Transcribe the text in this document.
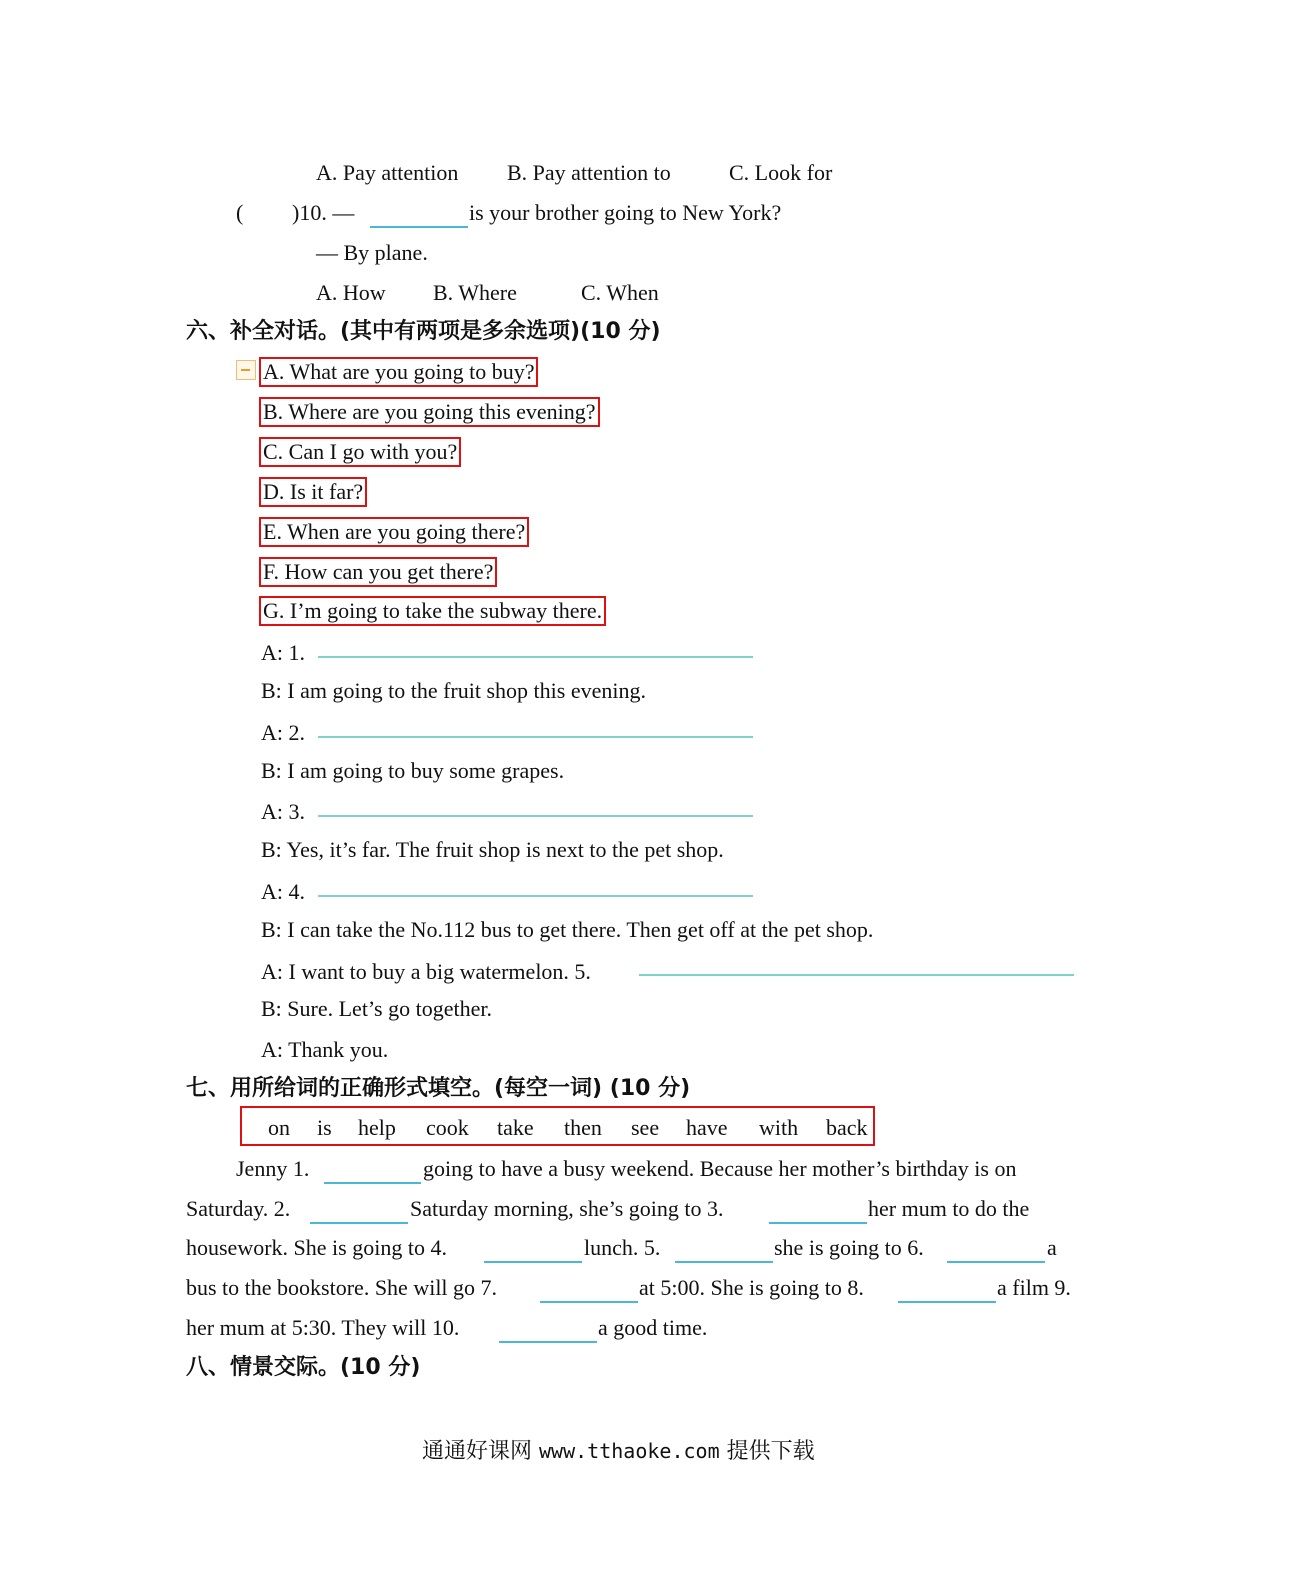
A. Pay attention B. Pay attention to	C. Look for
( )10. —	is your brother going to New York?
— By plane.
A. How B. Where	C. When
六、补全对话。(其中有两项是多余选项)(10 分)
A. What are you going to buy?
B. Where are you going this evening?
C. Can I go with you?
D. Is it far?
E. When are you going there?
F. How can you get there?
G. I’m going to take the subway there.
A: 1.
B: I am going to the fruit shop this evening.
A: 2.
B: I am going to buy some grapes.
A: 3.
B: Yes, it’s far. The fruit shop is next to the pet shop.
A: 4.
B: I can take the No.112 bus to get there. Then get off at the pet shop.
A: I want to buy a big watermelon. 5.
B: Sure. Let’s go together.
A: Thank you.
七、用所给词的正确形式填空。(每空一词) (10 分)
on is help cook take then see have with back
Jenny 1.	going to have a busy weekend. Because her mother’s birthday is on
Saturday. 2.	Saturday morning, she’s going to 3.	her mum to do the
housework. She is going to 4.	lunch. 5.	she is going to 6.	a
bus to the bookstore. She will go 7.	at 5:00. She is going to 8.	a film 9.
her mum at 5:30. They will 10.	a good time.
八、情景交际。(10 分)
通通好课网 www.tthaoke.com 提供下载
